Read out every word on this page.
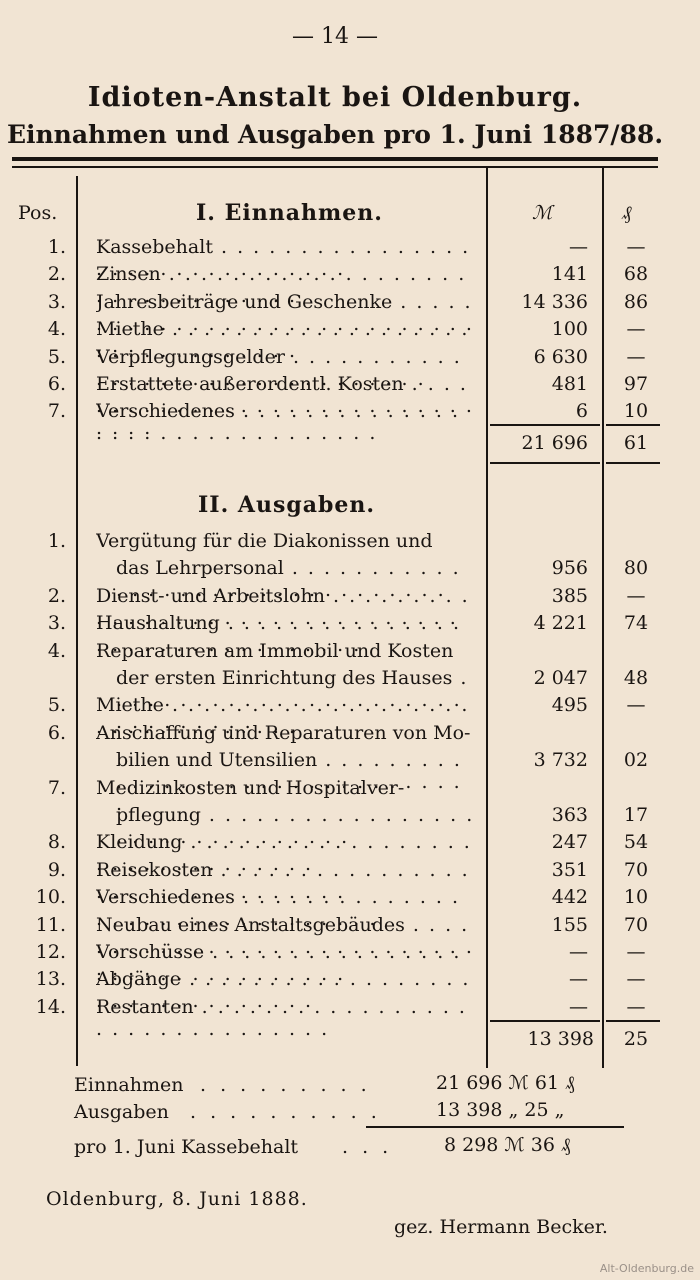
— 14 —
Idioten-Anstalt bei Oldenburg.
Einnahmen und Ausgaben pro 1. Juni 1887/88.
Pos.	I. Einnahmen.	ℳ	₰
1. Kassebehalt . . .	—	—
2. Zinsen . . .	141	68
3. Jahresbeiträge und Geschenke . . .	14 336	86
4. Miethe . . .	100	—
5. Verpflegungsgelder . . .	6 630	—
6. Erstattete außerordentl. Kosten . . .	481	97
7. Verschiedenes . . .	6	10
21 696	61
II. Ausgaben.
1. Vergütung für die Diakonissen und
das Lehrpersonal . . .	956	80
2. Dienst- und Arbeitslohn . . .	385	—
3. Haushaltung . . .	4 221	74
4. Reparaturen am Immobil und Kosten
der ersten Einrichtung des Hauses . . .	2 047	48
5. Miethe . . .	495	—
6. Anschaffung und Reparaturen von Mo-
bilien und Utensilien . . .	3 732	02
7. Medizinkosten und Hospitalver-
pflegung . . .	363	17
8. Kleidung . . .	247	54
9. Reisekosten . . .	351	70
10. Verschiedenes . . .	442	10
11. Neubau eines Anstaltsgebäudes . . .	155	70
12. Vorschüsse . . .	—	—
13. Abgänge . . .	—	—
14. Restanten . . .	—	—
13 398	25
Einnahmen . . . . . . . . .	21 696 ℳ 61 ₰
Ausgaben . . . . . . . . . .	13 398 „ 25 „
pro 1. Juni Kassebehalt . . .	8 298 ℳ 36 ₰
Oldenburg, 8. Juni 1888.
gez. Hermann Becker.
Alt-Oldenburg.de
